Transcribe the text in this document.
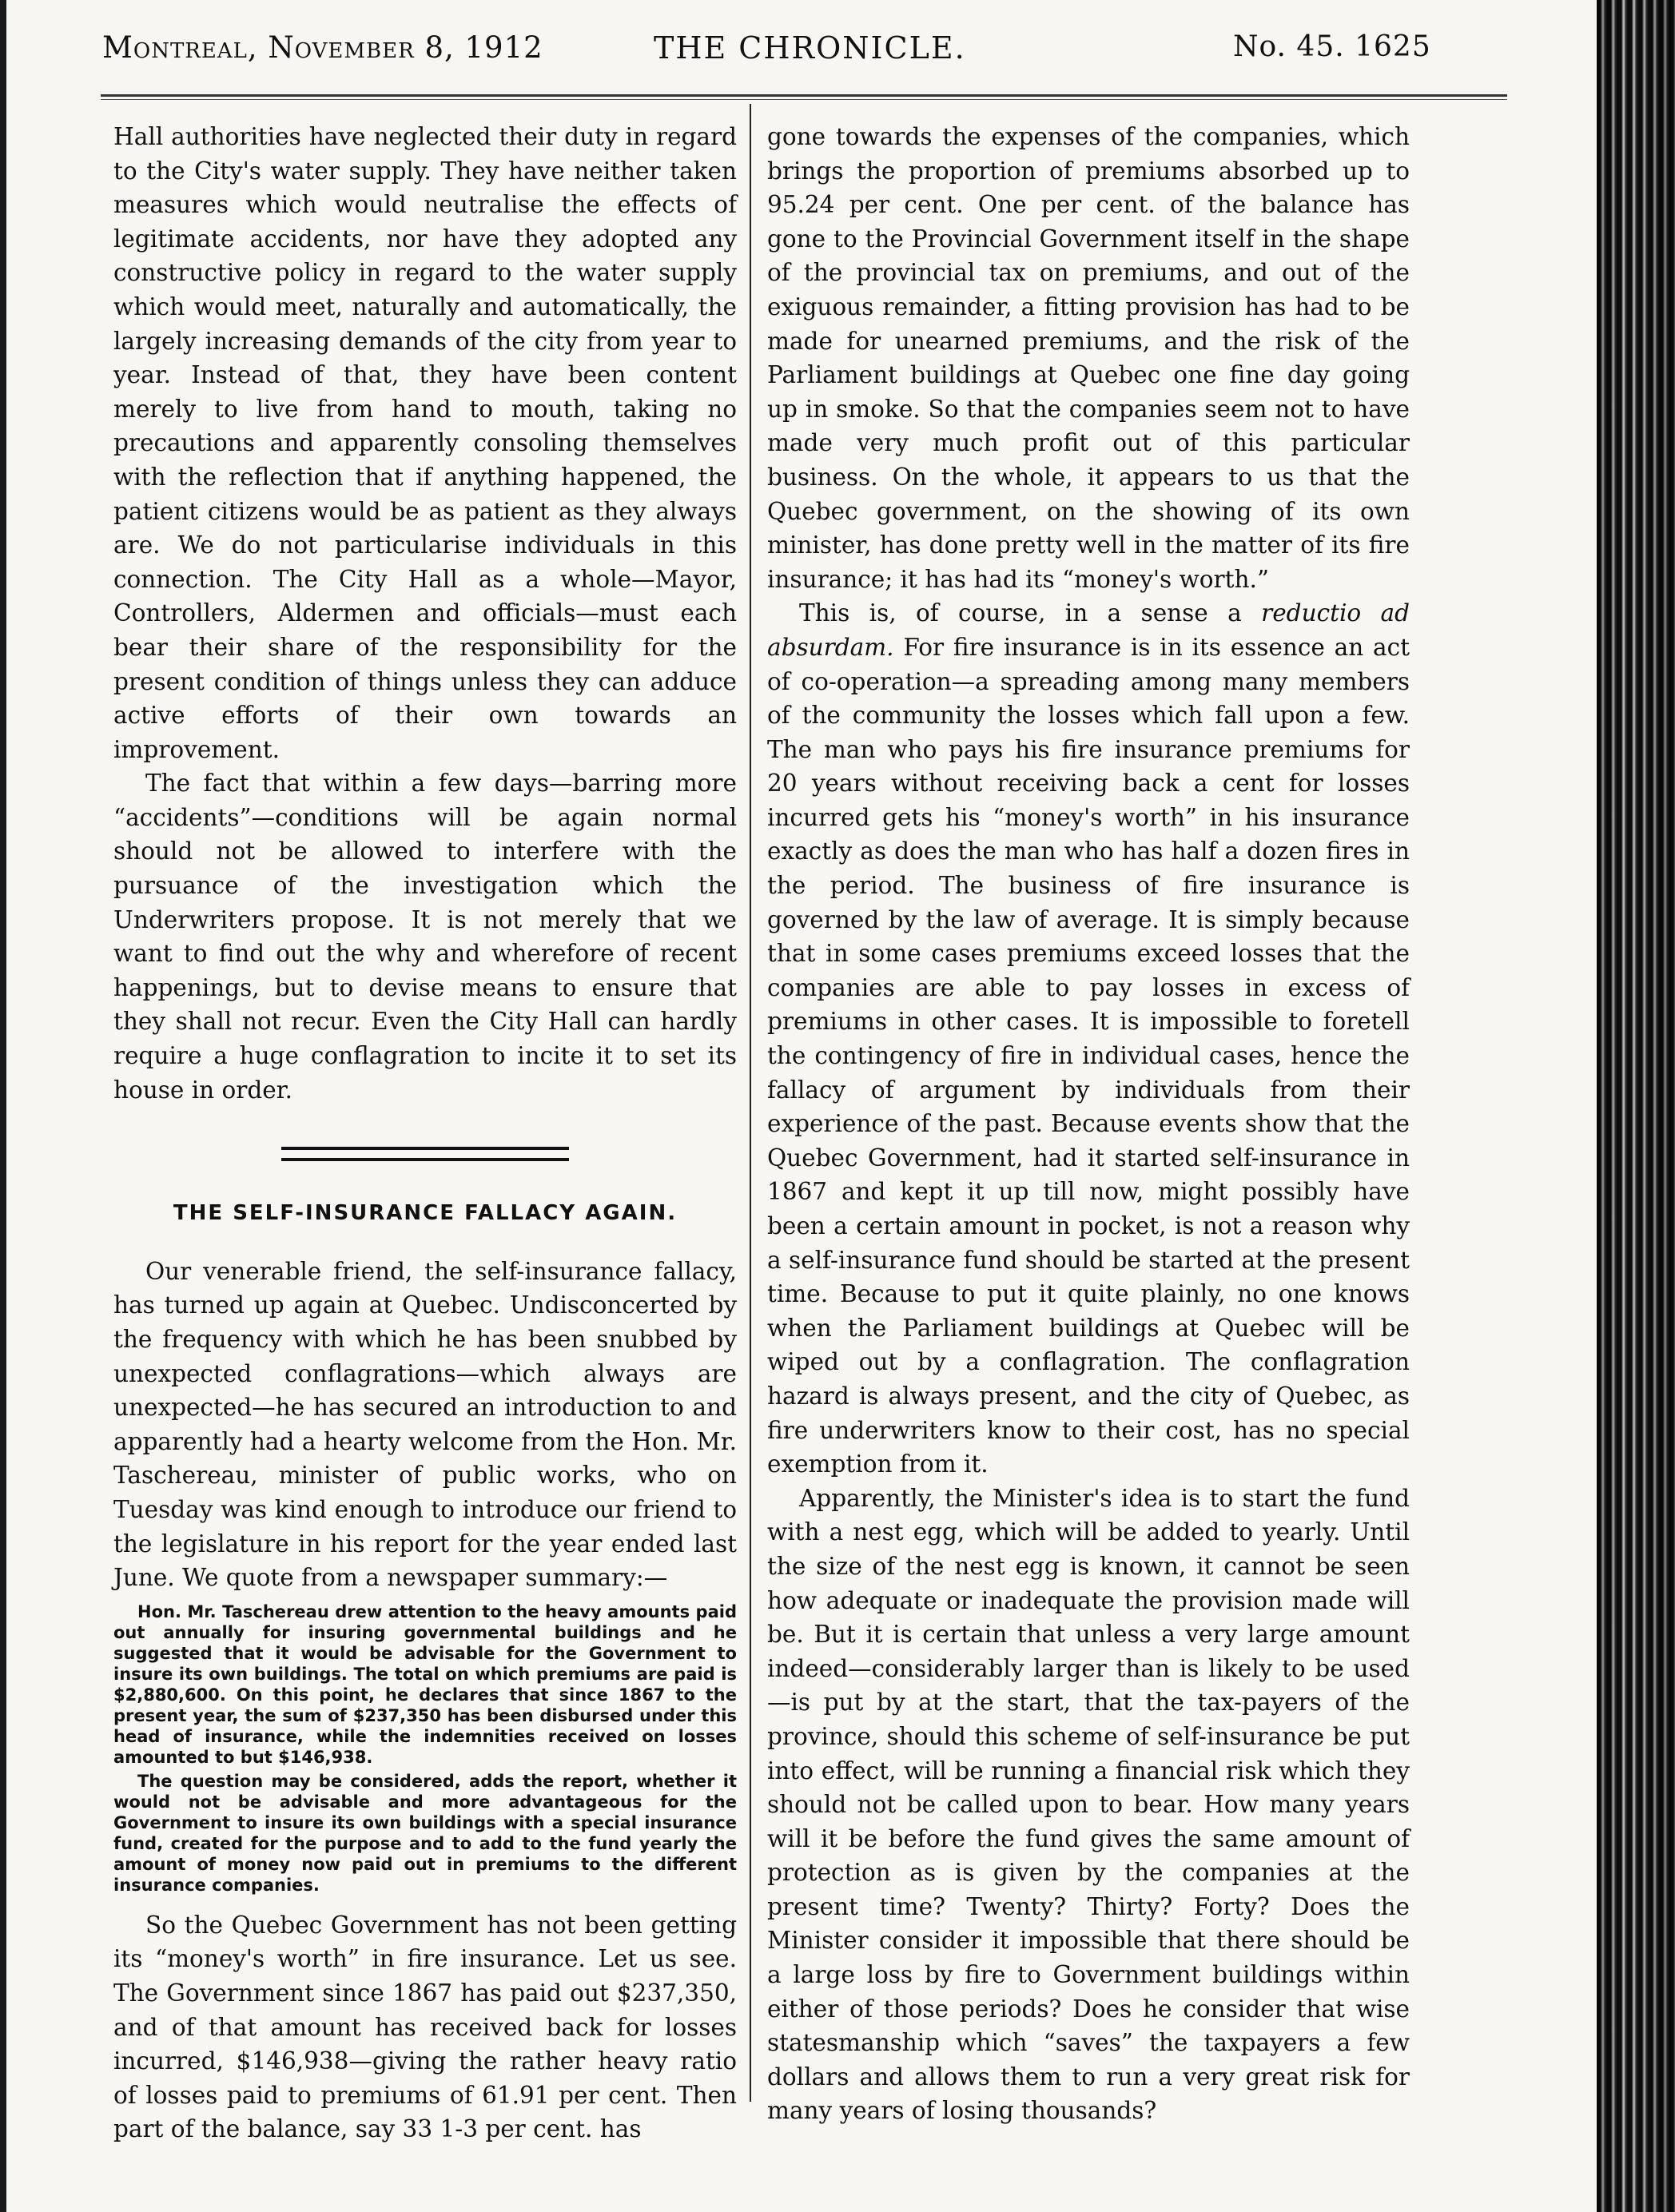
Montreal, November 8, 1912	THE CHRONICLE.	No. 45. 1625

Hall authorities have neglected their duty in regard to the City's water supply. They have neither taken measures which would neutralise the effects of legitimate accidents, nor have they adopted any constructive policy in regard to the water supply which would meet, naturally and automatically, the largely increasing demands of the city from year to year. Instead of that, they have been content merely to live from hand to mouth, taking no precautions and apparently consoling themselves with the reflection that if anything happened, the patient citizens would be as patient as they always are. We do not particularise individuals in this connection. The City Hall as a whole—Mayor, Controllers, Aldermen and officials—must each bear their share of the responsibility for the present condition of things unless they can adduce active efforts of their own towards an improvement.

The fact that within a few days—barring more “accidents”—conditions will be again normal should not be allowed to interfere with the pursuance of the investigation which the Underwriters propose. It is not merely that we want to find out the why and wherefore of recent happenings, but to devise means to ensure that they shall not recur. Even the City Hall can hardly require a huge conflagration to incite it to set its house in order.

THE SELF-INSURANCE FALLACY AGAIN.

Our venerable friend, the self-insurance fallacy, has turned up again at Quebec. Undisconcerted by the frequency with which he has been snubbed by unexpected conflagrations—which always are unexpected—he has secured an introduction to and apparently had a hearty welcome from the Hon. Mr. Taschereau, minister of public works, who on Tuesday was kind enough to introduce our friend to the legislature in his report for the year ended last June. We quote from a newspaper summary:—

Hon. Mr. Taschereau drew attention to the heavy amounts paid out annually for insuring governmental buildings and he suggested that it would be advisable for the Government to insure its own buildings. The total on which premiums are paid is $2,880,600. On this point, he declares that since 1867 to the present year, the sum of $237,350 has been disbursed under this head of insurance, while the indemnities received on losses amounted to but $146,938.

The question may be considered, adds the report, whether it would not be advisable and more advantageous for the Government to insure its own buildings with a special insurance fund, created for the purpose and to add to the fund yearly the amount of money now paid out in premiums to the different insurance companies.

So the Quebec Government has not been getting its “money's worth” in fire insurance. Let us see. The Government since 1867 has paid out $237,350, and of that amount has received back for losses incurred, $146,938—giving the rather heavy ratio of losses paid to premiums of 61.91 per cent. Then part of the balance, say 33 1-3 per cent. has

gone towards the expenses of the companies, which brings the proportion of premiums absorbed up to 95.24 per cent. One per cent. of the balance has gone to the Provincial Government itself in the shape of the provincial tax on premiums, and out of the exiguous remainder, a fitting provision has had to be made for unearned premiums, and the risk of the Parliament buildings at Quebec one fine day going up in smoke. So that the companies seem not to have made very much profit out of this particular business. On the whole, it appears to us that the Quebec government, on the showing of its own minister, has done pretty well in the matter of its fire insurance; it has had its “money's worth.”

This is, of course, in a sense a reductio ad absurdam. For fire insurance is in its essence an act of co-operation—a spreading among many members of the community the losses which fall upon a few. The man who pays his fire insurance premiums for 20 years without receiving back a cent for losses incurred gets his “money's worth” in his insurance exactly as does the man who has half a dozen fires in the period. The business of fire insurance is governed by the law of average. It is simply because that in some cases premiums exceed losses that the companies are able to pay losses in excess of premiums in other cases. It is impossible to foretell the contingency of fire in individual cases, hence the fallacy of argument by individuals from their experience of the past. Because events show that the Quebec Government, had it started self-insurance in 1867 and kept it up till now, might possibly have been a certain amount in pocket, is not a reason why a self-insurance fund should be started at the present time. Because to put it quite plainly, no one knows when the Parliament buildings at Quebec will be wiped out by a conflagration. The conflagration hazard is always present, and the city of Quebec, as fire underwriters know to their cost, has no special exemption from it.

Apparently, the Minister's idea is to start the fund with a nest egg, which will be added to yearly. Until the size of the nest egg is known, it cannot be seen how adequate or inadequate the provision made will be. But it is certain that unless a very large amount indeed—considerably larger than is likely to be used—is put by at the start, that the tax-payers of the province, should this scheme of self-insurance be put into effect, will be running a financial risk which they should not be called upon to bear. How many years will it be before the fund gives the same amount of protection as is given by the companies at the present time? Twenty? Thirty? Forty? Does the Minister consider it impossible that there should be a large loss by fire to Government buildings within either of those periods? Does he consider that wise statesmanship which “saves” the taxpayers a few dollars and allows them to run a very great risk for many years of losing thousands?
